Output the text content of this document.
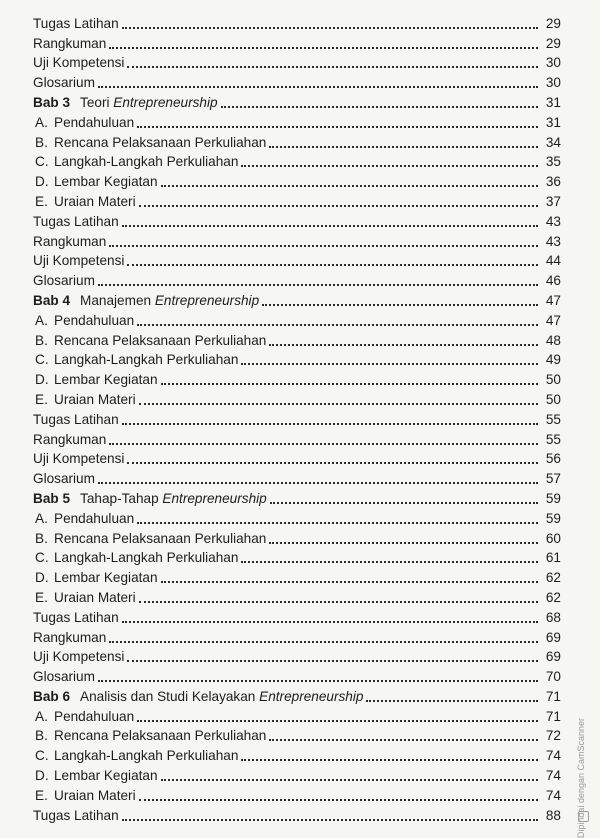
Tugas Latihan	29
Rangkuman	29
Uji Kompetensi	30
Glosarium	30
Bab 3 Teori Entrepreneurship	31
A. Pendahuluan	31
B. Rencana Pelaksanaan Perkuliahan	34
C. Langkah-Langkah Perkuliahan	35
D. Lembar Kegiatan	36
E. Uraian Materi	37
Tugas Latihan	43
Rangkuman	43
Uji Kompetensi	44
Glosarium	46
Bab 4 Manajemen Entrepreneurship	47
A. Pendahuluan	47
B. Rencana Pelaksanaan Perkuliahan	48
C. Langkah-Langkah Perkuliahan	49
D. Lembar Kegiatan	50
E. Uraian Materi	50
Tugas Latihan	55
Rangkuman	55
Uji Kompetensi	56
Glosarium	57
Bab 5 Tahap-Tahap Entrepreneurship	59
A. Pendahuluan	59
B. Rencana Pelaksanaan Perkuliahan	60
C. Langkah-Langkah Perkuliahan	61
D. Lembar Kegiatan	62
E. Uraian Materi	62
Tugas Latihan	68
Rangkuman	69
Uji Kompetensi	69
Glosarium	70
Bab 6 Analisis dan Studi Kelayakan Entrepreneurship	71
A. Pendahuluan	71
B. Rencana Pelaksanaan Perkuliahan	72
C. Langkah-Langkah Perkuliahan	74
D. Lembar Kegiatan	74
E. Uraian Materi	74
Tugas Latihan	88 Dipindai dengan CamScanner
